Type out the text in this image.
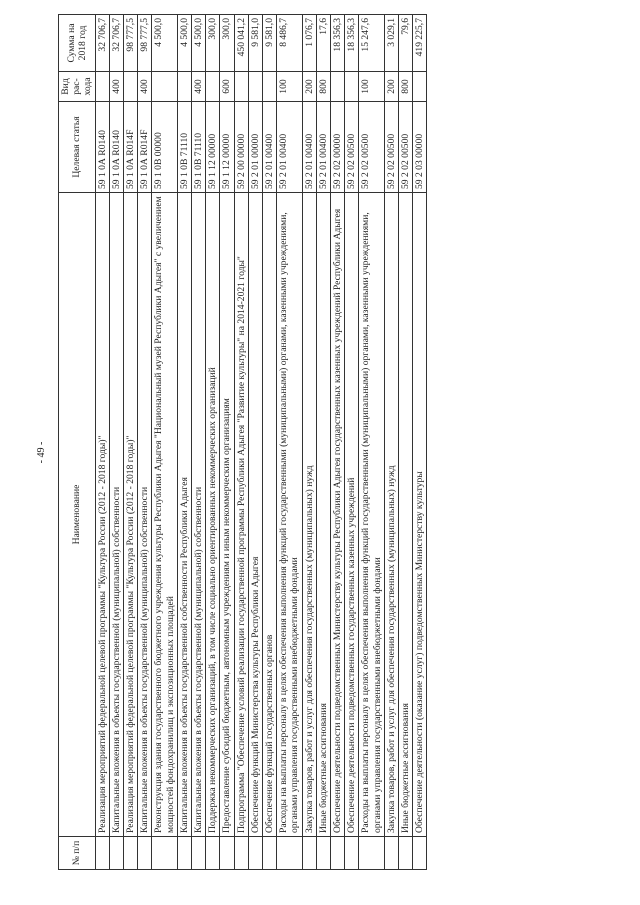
- 49 -
№ п/п	Наименование	Целевая статья	Вид рас-хода	Сумма на 2018 год
	Реализация мероприятий федеральной целевой программы "Культура России (2012 - 2018 годы)"	59 1 0А R0140		32 706,7
	Капитальные вложения в объекты государственной (муниципальной) собственности	59 1 0А R0140	400	32 706,7
	Реализация мероприятий федеральной целевой программы "Культура России (2012 - 2018 годы)"	59 1 0А R014F		98 777,5
	Капитальные вложения в объекты государственной (муниципальной) собственности	59 1 0А R014F	400	98 777,5
	Реконструкция здания государственного бюджетного учреждения культуры Республики Адыгея "Национальный музей Республики Адыгея" с увеличением мощностей фондохранилищ и экспозиционных площадей	59 1 0В 00000		4 500,0
	Капитальные вложения в объекты государственной собственности Республики Адыгея	59 1 0В 71110		4 500,0
	Капитальные вложения в объекты государственной (муниципальной) собственности	59 1 0В 71110	400	4 500,0
	Поддержка некоммерческих организаций, в том числе социально ориентированных некоммерческих организаций	59 1 12 00000		300,0
	Предоставление субсидий бюджетным, автономным учреждениям и иным некоммерческим организациям	59 1 12 00000	600	300,0
	Подпрограмма "Обеспечение условий реализации государственной программы Республики Адыгея "Развитие культуры" на 2014-2021 годы"	59 2 00 00000		450 041,2
	Обеспечение функций Министерства культуры Республики Адыгея	59 2 01 00000		9 581,0
	Обеспечение функций государственных органов	59 2 01 00400		9 581,0
	Расходы на выплаты персоналу в целях обеспечения выполнения функций государственными (муниципальными) органами, казенными учреждениями, органами управления государственными внебюджетными фондами	59 2 01 00400	100	8 486,7
	Закупка товаров, работ и услуг для обеспечения государственных (муниципальных) нужд	59 2 01 00400	200	1 076,7
	Иные бюджетные ассигнования	59 2 01 00400	800	17,6
	Обеспечение деятельности подведомственных Министерству культуры Республики Адыгея государственных казенных учреждений Республики Адыгея	59 2 02 00000		18 356,3
	Обеспечение деятельности подведомственных государственных казенных учреждений	59 2 02 00500		18 356,3
	Расходы на выплаты персоналу в целях обеспечения выполнения функций государственными (муниципальными) органами, казенными учреждениями, органами управления государственными внебюджетными фондами	59 2 02 00500	100	15 247,6
	Закупка товаров, работ и услуг для обеспечения государственных (муниципальных) нужд	59 2 02 00500	200	3 029,1
	Иные бюджетные ассигнования	59 2 02 00500	800	79,6
	Обеспечение деятельности (оказание услуг) подведомственных Министерству культуры	59 2 03 00000		419 225,7
